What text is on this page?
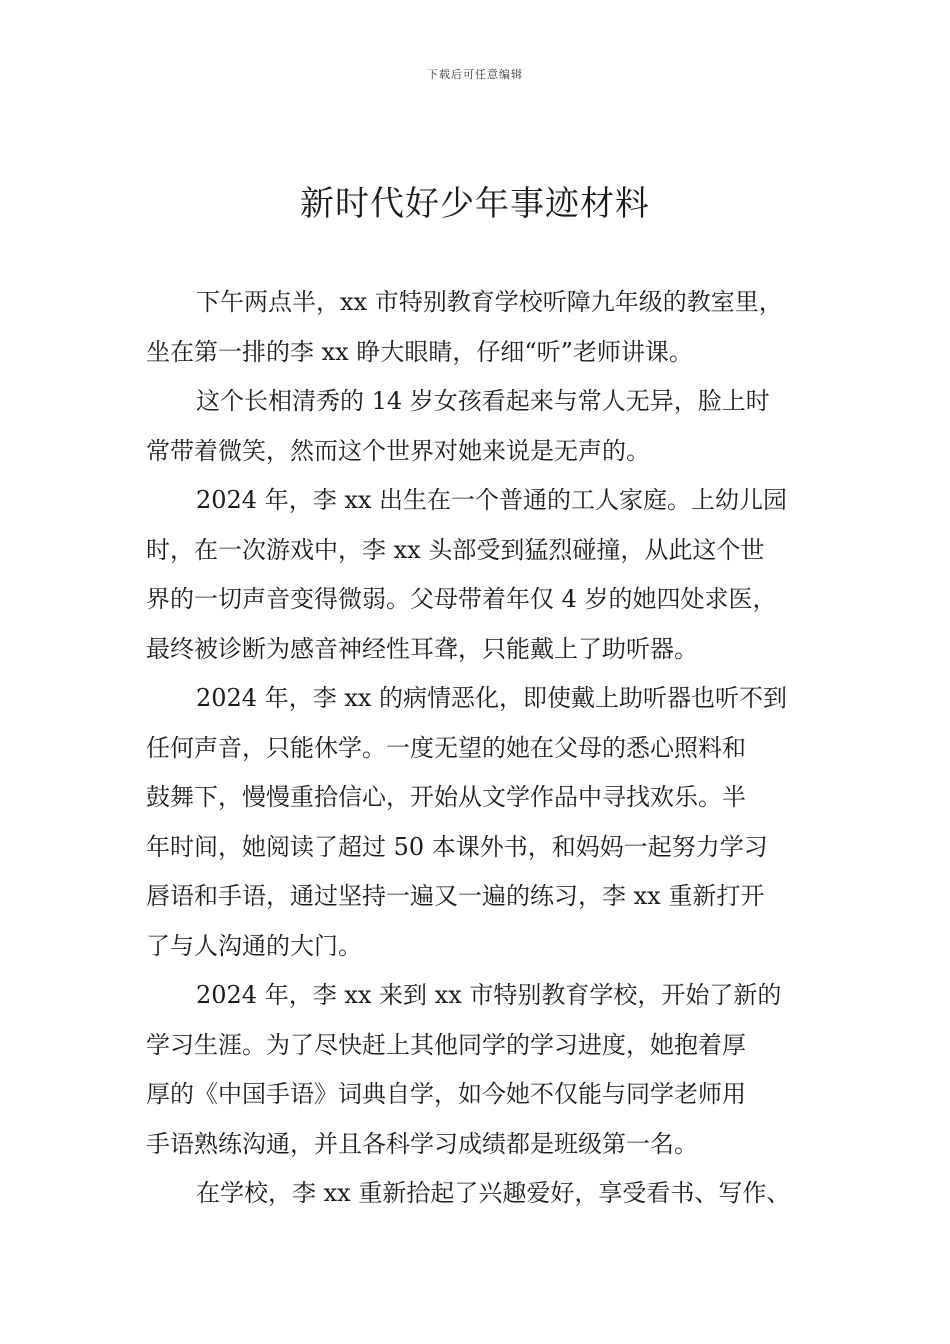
下载后可任意编辑
新时代好少年事迹材料
下午两点半，xx 市特别教育学校听障九年级的教室里，
坐在第一排的李 xx 睁大眼睛，仔细“听”老师讲课。
这个长相清秀的 14 岁女孩看起来与常人无异，脸上时
常带着微笑，然而这个世界对她来说是无声的。
2024 年，李 xx 出生在一个普通的工人家庭。上幼儿园
时，在一次游戏中，李 xx 头部受到猛烈碰撞，从此这个世
界的一切声音变得微弱。父母带着年仅 4 岁的她四处求医，
最终被诊断为感音神经性耳聋，只能戴上了助听器。
2024 年，李 xx 的病情恶化，即使戴上助听器也听不到
任何声音，只能休学。一度无望的她在父母的悉心照料和
鼓舞下，慢慢重拾信心，开始从文学作品中寻找欢乐。半
年时间，她阅读了超过 50 本课外书，和妈妈一起努力学习
唇语和手语，通过坚持一遍又一遍的练习，李 xx 重新打开
了与人沟通的大门。
2024 年，李 xx 来到 xx 市特别教育学校，开始了新的
学习生涯。为了尽快赶上其他同学的学习进度，她抱着厚
厚的《中国手语》词典自学，如今她不仅能与同学老师用
手语熟练沟通，并且各科学习成绩都是班级第一名。
在学校，李 xx 重新拾起了兴趣爱好，享受看书、写作、
